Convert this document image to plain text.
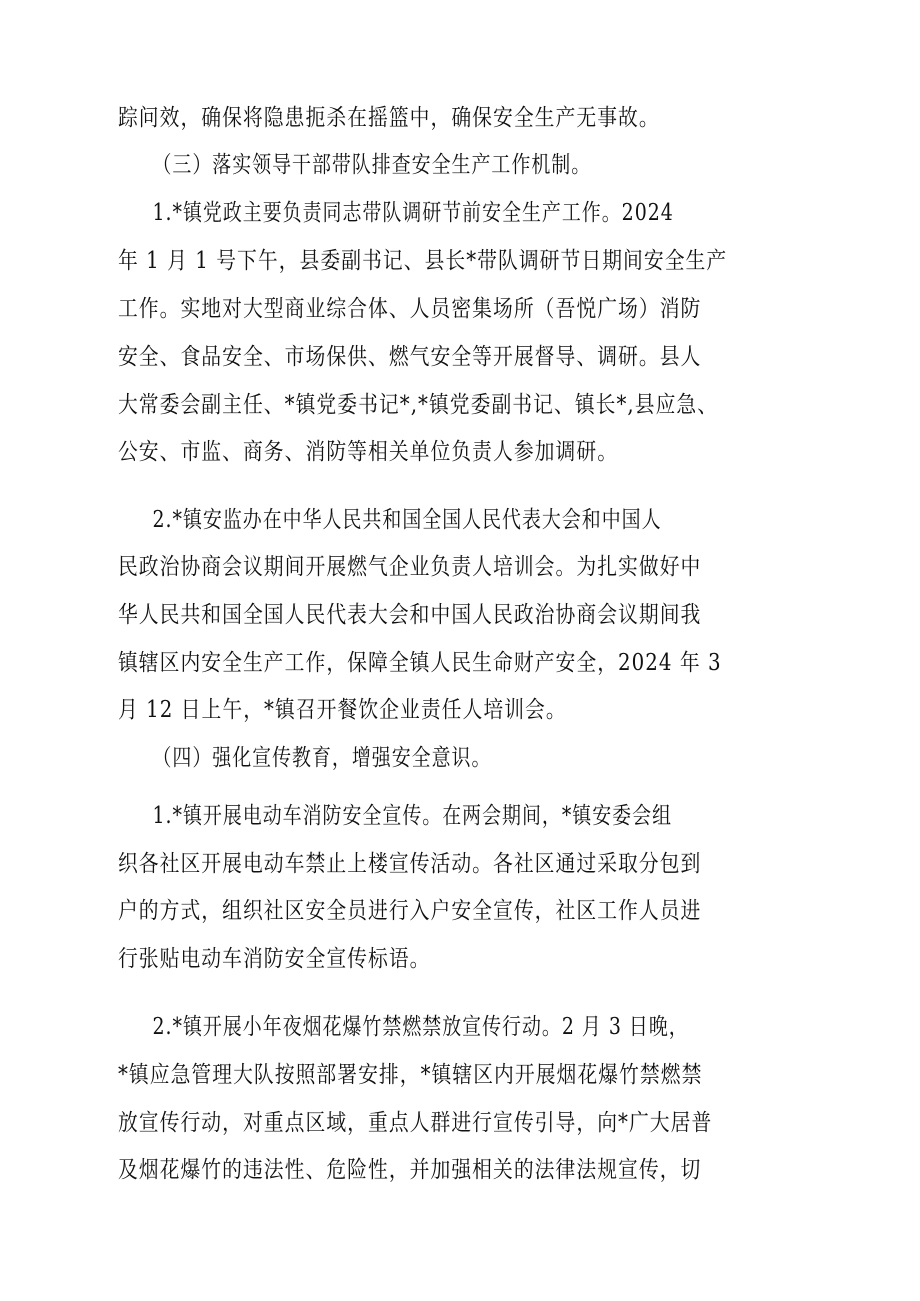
踪问效，确保将隐患扼杀在摇篮中，确保安全生产无事故。
（三）落实领导干部带队排查安全生产工作机制。
1.*镇党政主要负责同志带队调研节前安全生产工作。2024
年 1 月 1 号下午，县委副书记、县长*带队调研节日期间安全生产
工作。实地对大型商业综合体、人员密集场所（吾悦广场）消防
安全、食品安全、市场保供、燃气安全等开展督导、调研。县人
大常委会副主任、*镇党委书记*,*镇党委副书记、镇长*,县应急、
公安、市监、商务、消防等相关单位负责人参加调研。
2.*镇安监办在中华人民共和国全国人民代表大会和中国人
民政治协商会议期间开展燃气企业负责人培训会。为扎实做好中
华人民共和国全国人民代表大会和中国人民政治协商会议期间我
镇辖区内安全生产工作，保障全镇人民生命财产安全，2024 年 3
月 12 日上午，*镇召开餐饮企业责任人培训会。
（四）强化宣传教育，增强安全意识。
1.*镇开展电动车消防安全宣传。在两会期间，*镇安委会组
织各社区开展电动车禁止上楼宣传活动。各社区通过采取分包到
户的方式，组织社区安全员进行入户安全宣传，社区工作人员进
行张贴电动车消防安全宣传标语。
2.*镇开展小年夜烟花爆竹禁燃禁放宣传行动。2 月 3 日晚，
*镇应急管理大队按照部署安排，*镇辖区内开展烟花爆竹禁燃禁
放宣传行动，对重点区域，重点人群进行宣传引导，向*广大居普
及烟花爆竹的违法性、危险性，并加强相关的法律法规宣传，切
